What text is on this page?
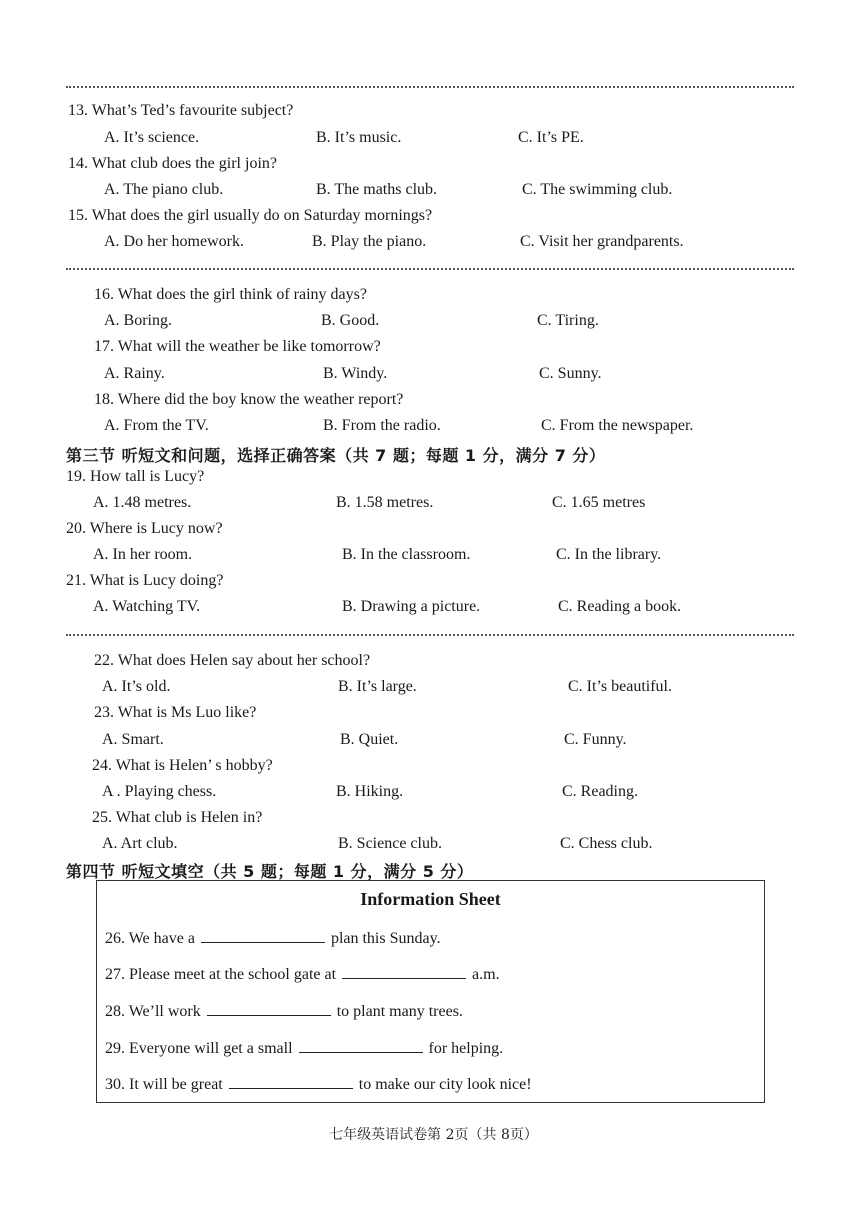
13. What’s Ted’s favourite subject?
A. It’s science.	B. It’s music.	C. It’s PE.
14. What club does the girl join?
A. The piano club.	B. The maths club.	C. The swimming club.
15. What does the girl usually do on Saturday mornings?
A. Do her homework.	B. Play the piano.	C. Visit her grandparents.
16. What does the girl think of rainy days?
A. Boring.	B. Good.	C. Tiring.
17. What will the weather be like tomorrow?
A. Rainy.	B. Windy.	C. Sunny.
18. Where did the boy know the weather report?
A. From the TV.	B. From the radio.	C. From the newspaper.
第三节 听短文和问题，选择正确答案（共 7 题；每题 1 分，满分 7 分）
19. How tall is Lucy?
A. 1.48 metres.	B. 1.58 metres.	C. 1.65 metres
20. Where is Lucy now?
A. In her room.	B. In the classroom.	C. In the library.
21. What is Lucy doing?
A. Watching TV.	B. Drawing a picture.	C. Reading a book.
22. What does Helen say about her school?
A. It’s old.	B. It’s large.	C. It’s beautiful.
23. What is Ms Luo like?
A. Smart.	B. Quiet.	C. Funny.
24. What is Helen’ s hobby?
A . Playing chess.	B. Hiking.	C. Reading.
25. What club is Helen in?
A. Art club.	B. Science club.	C. Chess club.
第四节 听短文填空（共 5 题；每题 1 分，满分 5 分）
Information Sheet
26. We have a	plan this Sunday.
27. Please meet at the school gate at	a.m.
28. We’ll work	to plant many trees.
29. Everyone will get a small	for helping.
30. It will be great	to make our city look nice!
七年级英语试卷第 2页（共 8页）
